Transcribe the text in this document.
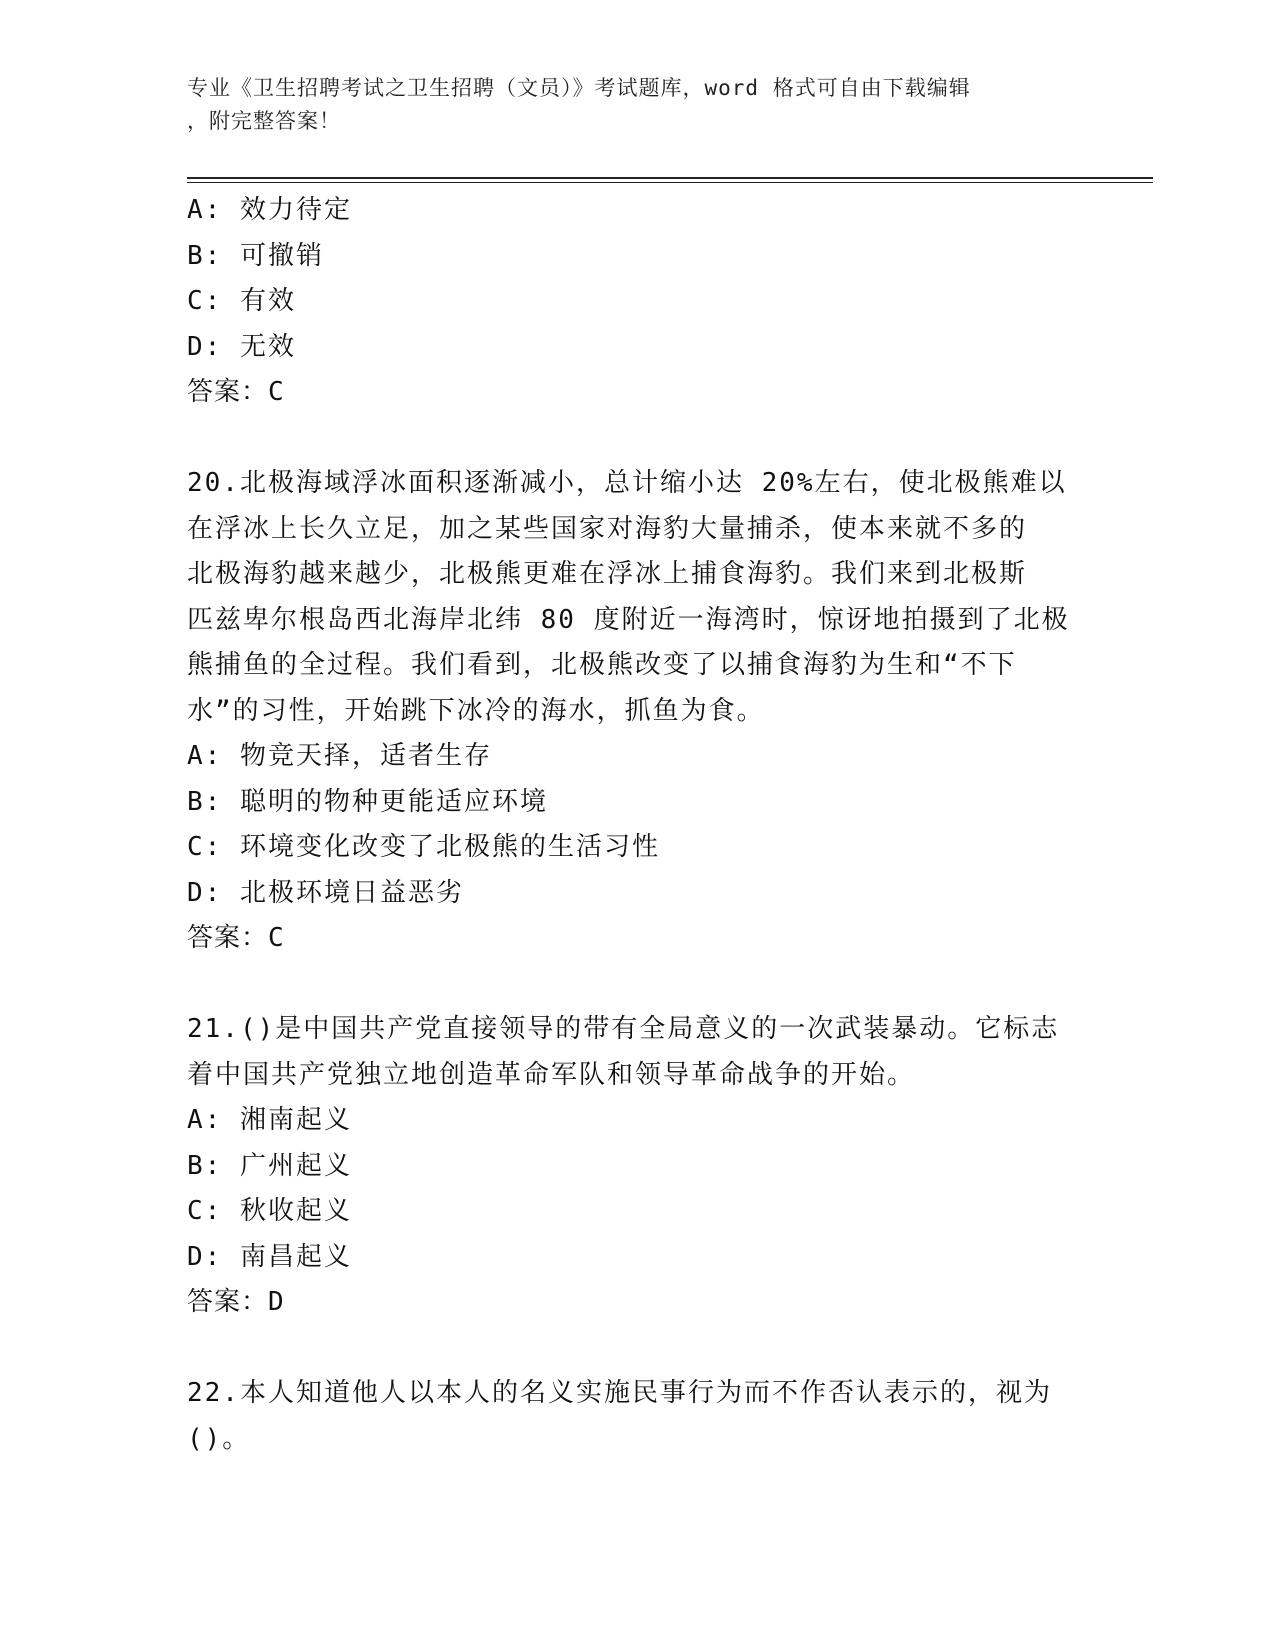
专业《卫生招聘考试之卫生招聘（文员）》考试题库，word 格式可自由下载编辑
，附完整答案！
A: 效力待定
B: 可撤销
C: 有效
D: 无效
答案：C
20.北极海域浮冰面积逐渐减小，总计缩小达 20%左右，使北极熊难以
在浮冰上长久立足，加之某些国家对海豹大量捕杀，使本来就不多的
北极海豹越来越少，北极熊更难在浮冰上捕食海豹。我们来到北极斯
匹兹卑尔根岛西北海岸北纬 80 度附近一海湾时，惊讶地拍摄到了北极
熊捕鱼的全过程。我们看到，北极熊改变了以捕食海豹为生和“不下
水”的习性，开始跳下冰冷的海水，抓鱼为食。
A: 物竞天择，适者生存
B: 聪明的物种更能适应环境
C: 环境变化改变了北极熊的生活习性
D: 北极环境日益恶劣
答案：C
21.()是中国共产党直接领导的带有全局意义的一次武装暴动。它标志
着中国共产党独立地创造革命军队和领导革命战争的开始。
A: 湘南起义
B: 广州起义
C: 秋收起义
D: 南昌起义
答案：D
22.本人知道他人以本人的名义实施民事行为而不作否认表示的，视为
()。
